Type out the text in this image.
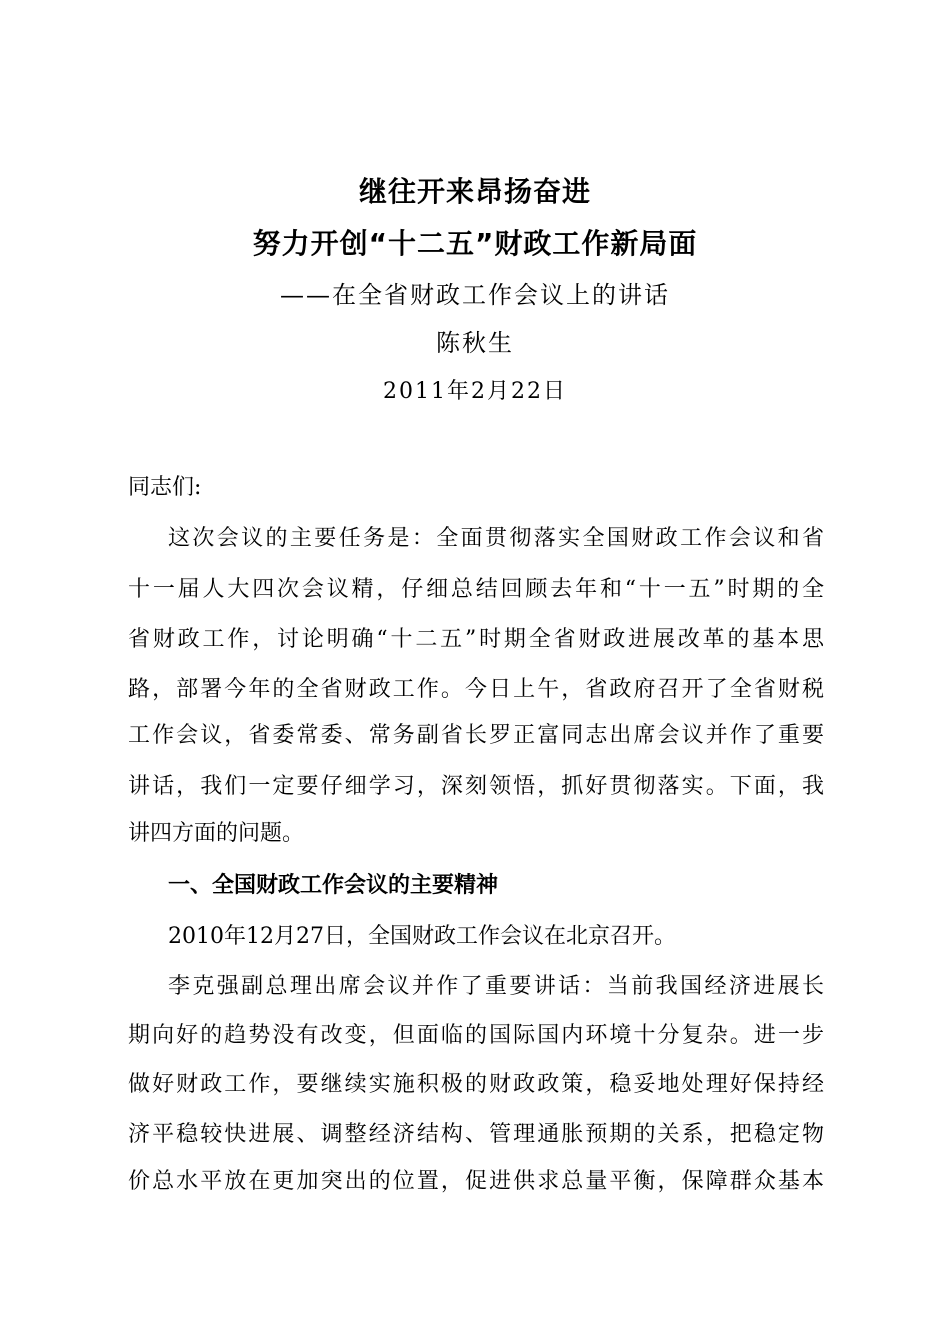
继往开来昂扬奋进
努力开创“十二五”财政工作新局面
——在全省财政工作会议上的讲话
陈秋生
2011年2月22日
同志们:
这次会议的主要任务是：全面贯彻落实全国财政工作会议和省
十一届人大四次会议精，仔细总结回顾去年和“十一五”时期的全
省财政工作，讨论明确“十二五”时期全省财政进展改革的基本思
路，部署今年的全省财政工作。今日上午，省政府召开了全省财税
工作会议，省委常委、常务副省长罗正富同志出席会议并作了重要
讲话，我们一定要仔细学习，深刻领悟，抓好贯彻落实。下面，我
讲四方面的问题。
一、全国财政工作会议的主要精神
2010年12月27日，全国财政工作会议在北京召开。
李克强副总理出席会议并作了重要讲话：当前我国经济进展长
期向好的趋势没有改变，但面临的国际国内环境十分复杂。进一步
做好财政工作，要继续实施积极的财政政策，稳妥地处理好保持经
济平稳较快进展、调整经济结构、管理通胀预期的关系，把稳定物
价总水平放在更加突出的位置，促进供求总量平衡，保障群众基本
